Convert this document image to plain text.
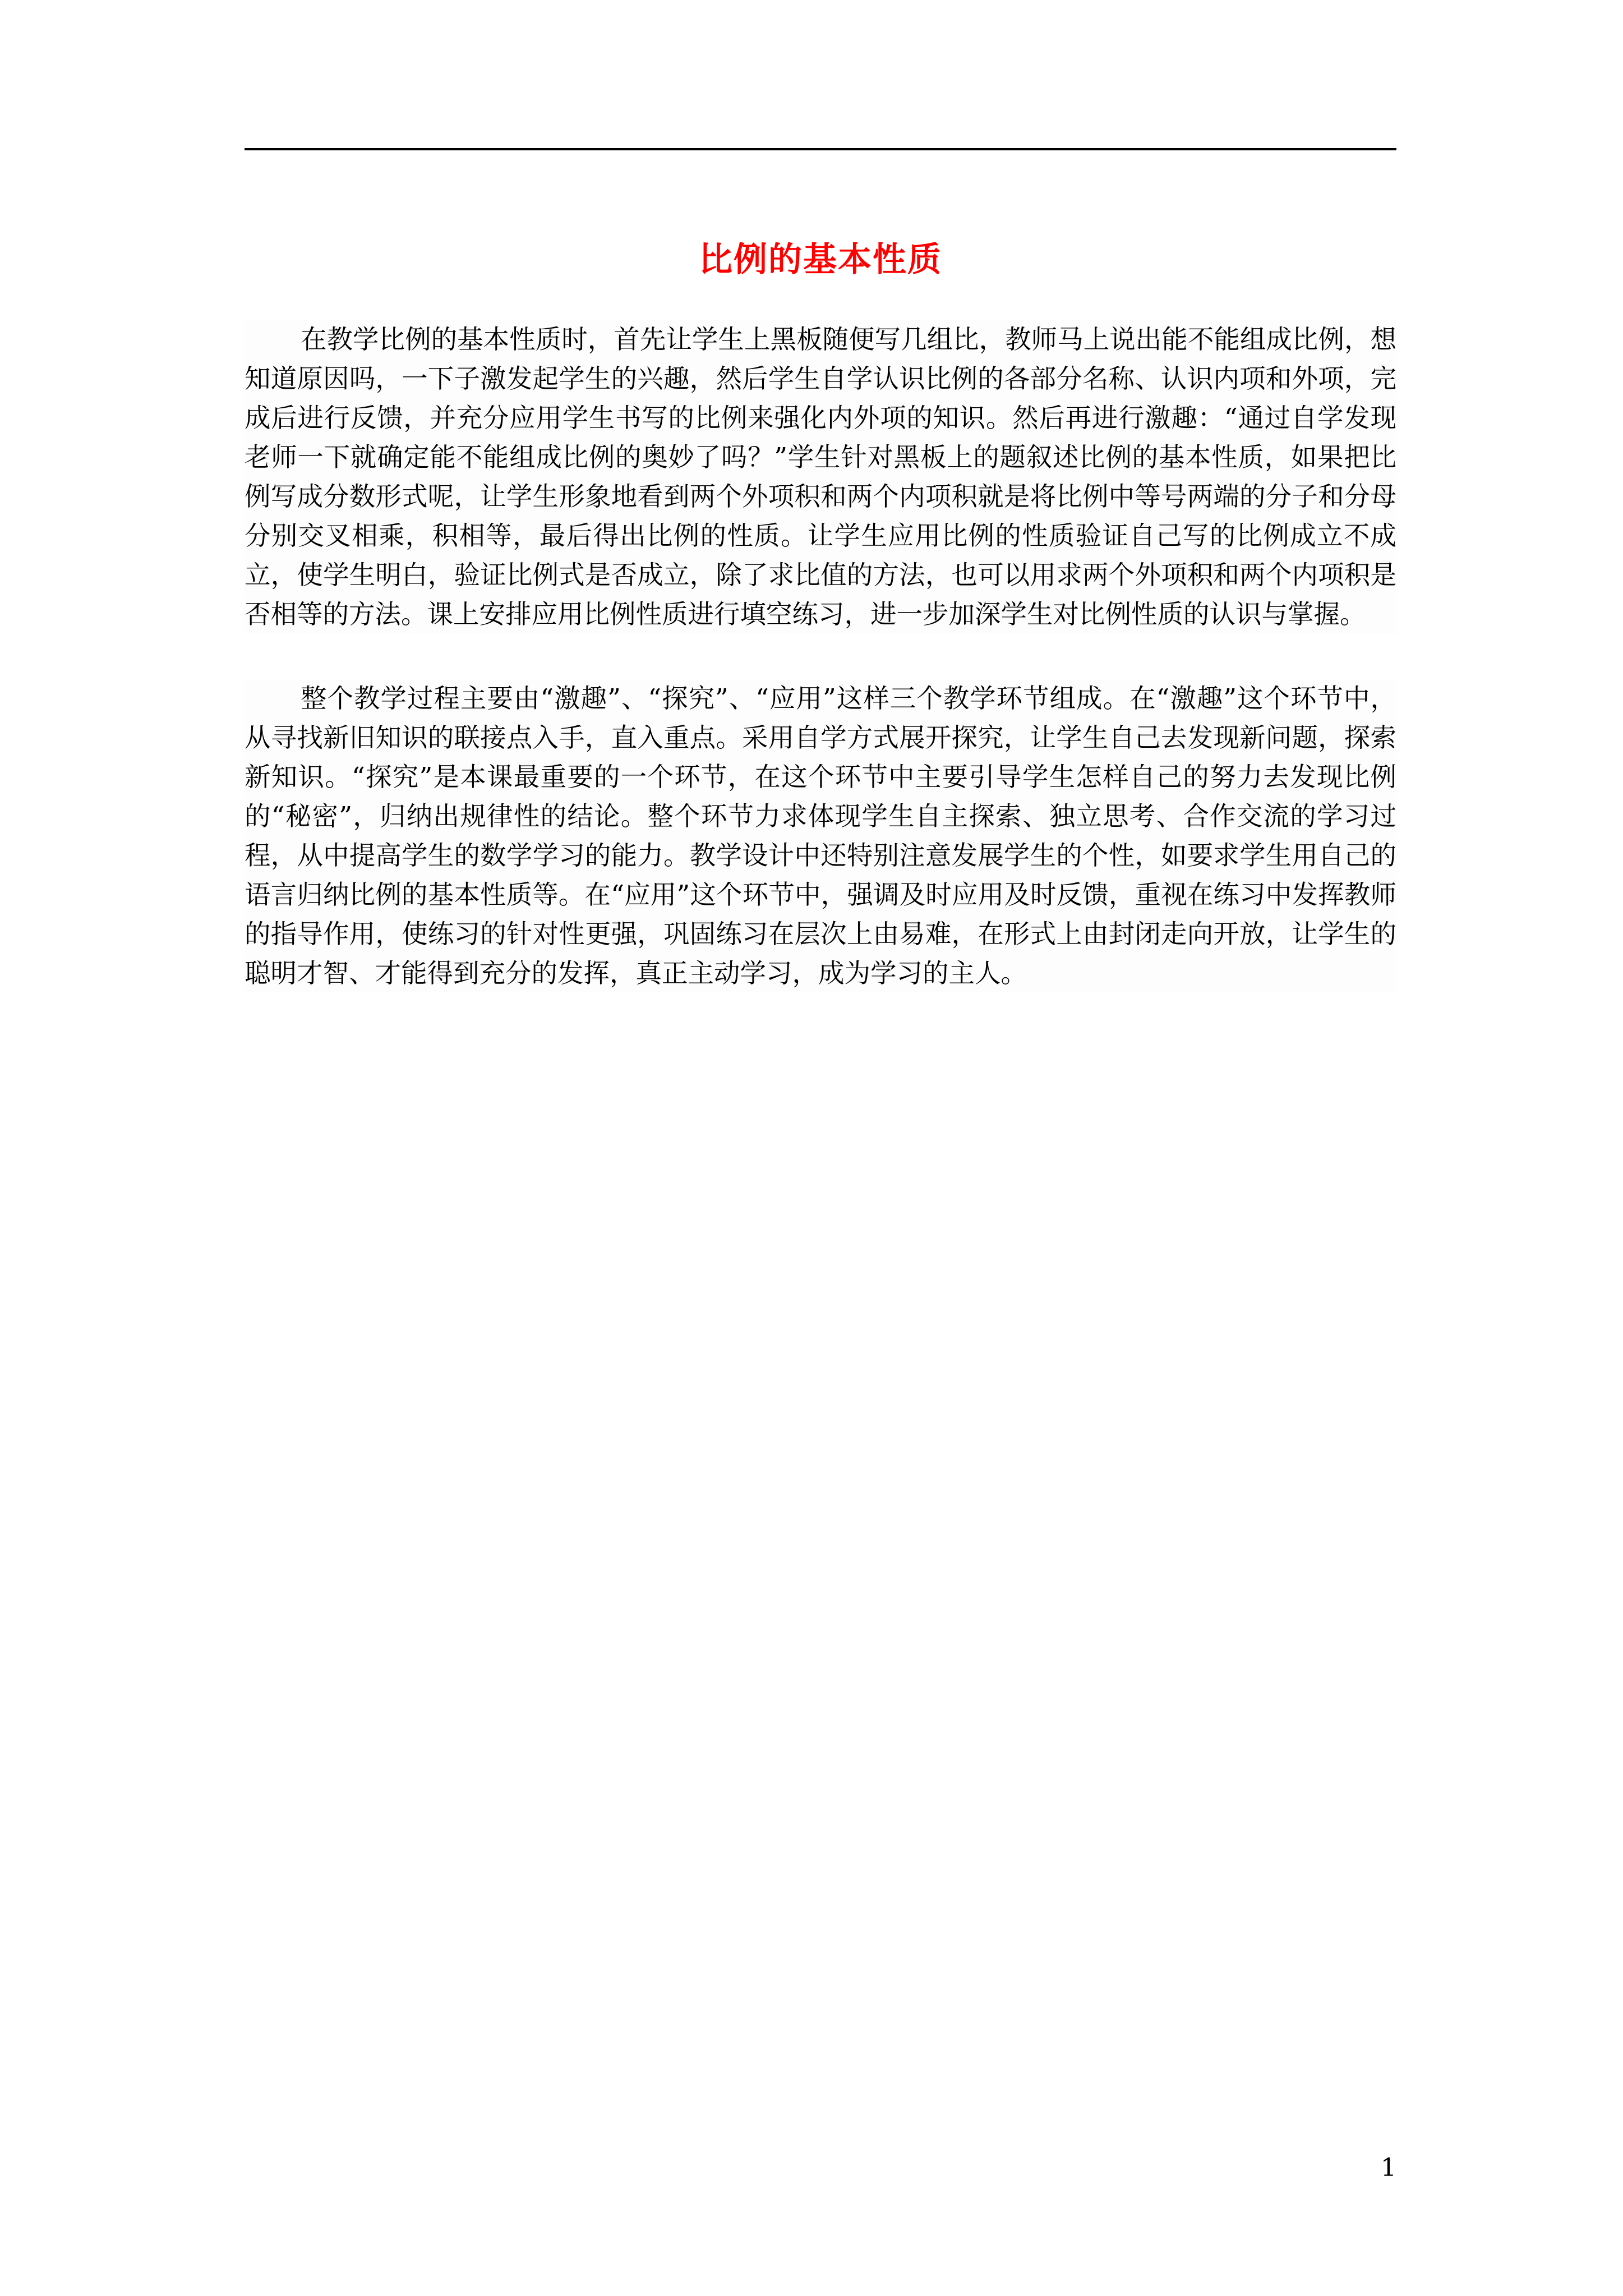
比例的基本性质

在教学比例的基本性质时，首先让学生上黑板随便写几组比，教师马上说出能不能组成比例，想知道原因吗，一下子激发起学生的兴趣，然后学生自学认识比例的各部分名称、认识内项和外项，完成后进行反馈，并充分应用学生书写的比例来强化内外项的知识。然后再进行激趣：“通过自学发现老师一下就确定能不能组成比例的奥妙了吗？”学生针对黑板上的题叙述比例的基本性质，如果把比例写成分数形式呢，让学生形象地看到两个外项积和两个内项积就是将比例中等号两端的分子和分母分别交叉相乘，积相等，最后得出比例的性质。让学生应用比例的性质验证自己写的比例成立不成立，使学生明白，验证比例式是否成立，除了求比值的方法，也可以用求两个外项积和两个内项积是否相等的方法。课上安排应用比例性质进行填空练习，进一步加深学生对比例性质的认识与掌握。

整个教学过程主要由“激趣”、“探究”、“应用”这样三个教学环节组成。在“激趣”这个环节中，从寻找新旧知识的联接点入手，直入重点。采用自学方式展开探究，让学生自己去发现新问题，探索新知识。“探究”是本课最重要的一个环节，在这个环节中主要引导学生怎样自己的努力去发现比例的“秘密”，归纳出规律性的结论。整个环节力求体现学生自主探索、独立思考、合作交流的学习过程，从中提高学生的数学学习的能力。教学设计中还特别注意发展学生的个性，如要求学生用自己的语言归纳比例的基本性质等。在“应用”这个环节中，强调及时应用及时反馈，重视在练习中发挥教师的指导作用，使练习的针对性更强，巩固练习在层次上由易难，在形式上由封闭走向开放，让学生的聪明才智、才能得到充分的发挥，真正主动学习，成为学习的主人。

1
